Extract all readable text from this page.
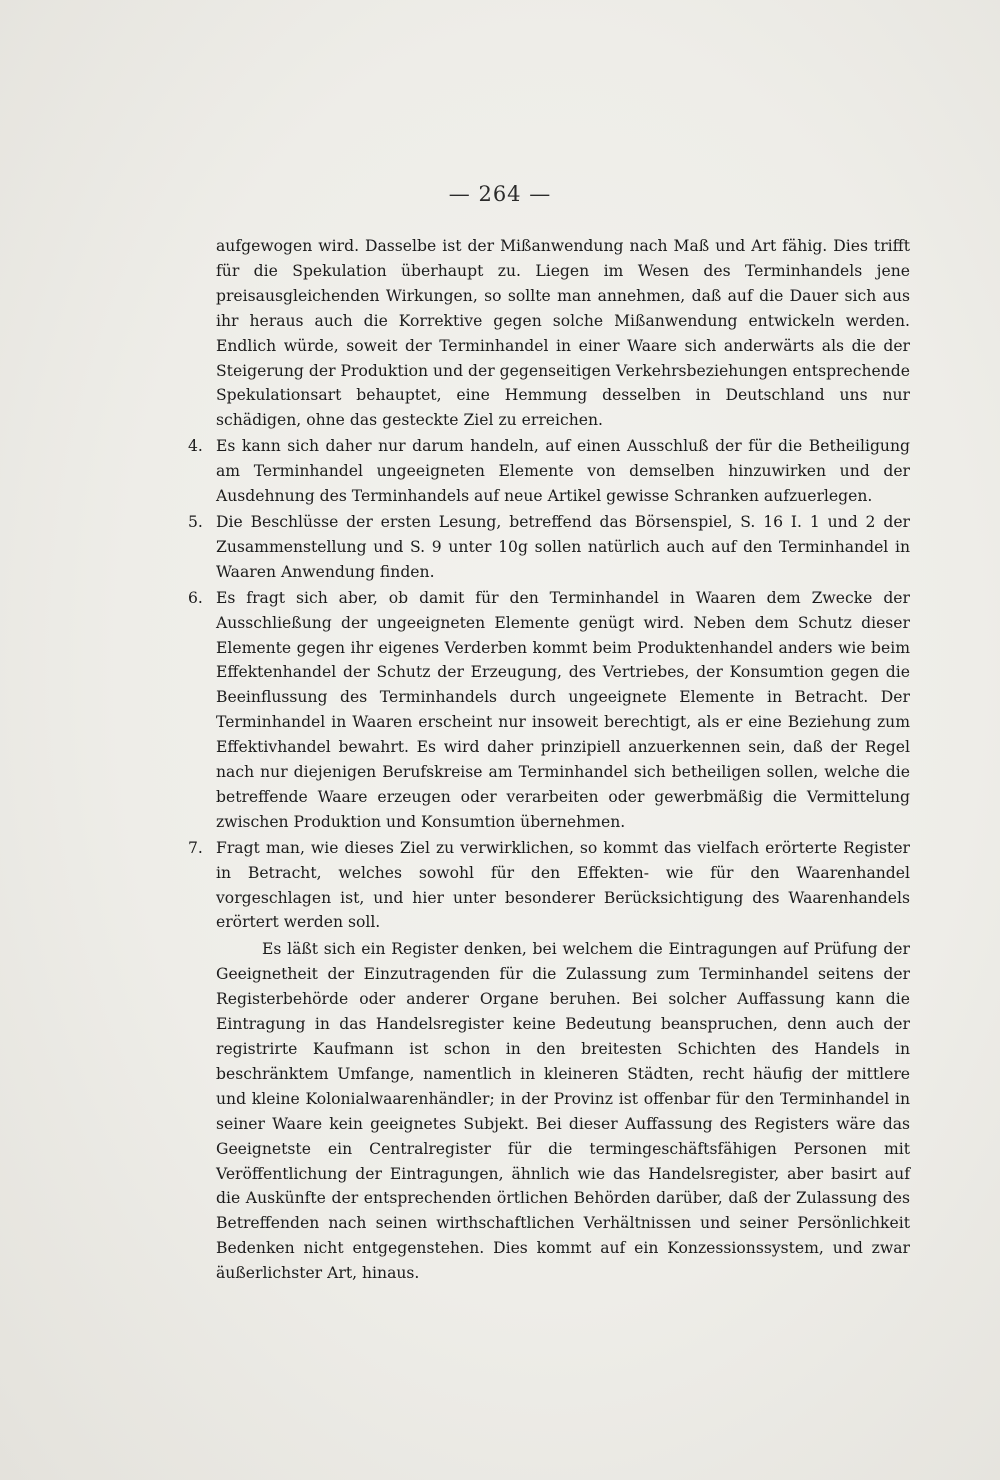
— 264 —

aufgewogen wird. Dasselbe ist der Mißanwendung nach Maß und Art fähig. Dies trifft für die Spekulation überhaupt zu. Liegen im Wesen des Terminhandels jene preisausgleichenden Wirkungen, so sollte man annehmen, daß auf die Dauer sich aus ihr heraus auch die Korrektive gegen solche Mißanwendung entwickeln werden. Endlich würde, soweit der Terminhandel in einer Waare sich anderwärts als die der Steigerung der Produktion und der gegenseitigen Verkehrsbeziehungen entsprechende Spekulationsart behauptet, eine Hemmung desselben in Deutschland uns nur schädigen, ohne das gesteckte Ziel zu erreichen.

4. Es kann sich daher nur darum handeln, auf einen Ausschluß der für die Betheiligung am Terminhandel ungeeigneten Elemente von demselben hinzuwirken und der Ausdehnung des Terminhandels auf neue Artikel gewisse Schranken aufzuerlegen.

5. Die Beschlüsse der ersten Lesung, betreffend das Börsenspiel, S. 16 I. 1 und 2 der Zusammenstellung und S. 9 unter 10g sollen natürlich auch auf den Terminhandel in Waaren Anwendung finden.

6. Es fragt sich aber, ob damit für den Terminhandel in Waaren dem Zwecke der Ausschließung der ungeeigneten Elemente genügt wird. Neben dem Schutz dieser Elemente gegen ihr eigenes Verderben kommt beim Produktenhandel anders wie beim Effektenhandel der Schutz der Erzeugung, des Vertriebes, der Konsumtion gegen die Beeinflussung des Terminhandels durch ungeeignete Elemente in Betracht. Der Terminhandel in Waaren erscheint nur insoweit berechtigt, als er eine Beziehung zum Effektivhandel bewahrt. Es wird daher prinzipiell anzuerkennen sein, daß der Regel nach nur diejenigen Berufskreise am Terminhandel sich betheiligen sollen, welche die betreffende Waare erzeugen oder verarbeiten oder gewerbmäßig die Vermittelung zwischen Produktion und Konsumtion übernehmen.

7. Fragt man, wie dieses Ziel zu verwirklichen, so kommt das vielfach erörterte Register in Betracht, welches sowohl für den Effekten- wie für den Waarenhandel vorgeschlagen ist, und hier unter besonderer Berücksichtigung des Waarenhandels erörtert werden soll.

Es läßt sich ein Register denken, bei welchem die Eintragungen auf Prüfung der Geeignetheit der Einzutragenden für die Zulassung zum Terminhandel seitens der Registerbehörde oder anderer Organe beruhen. Bei solcher Auffassung kann die Eintragung in das Handelsregister keine Bedeutung beanspruchen, denn auch der registrirte Kaufmann ist schon in den breitesten Schichten des Handels in beschränktem Umfange, namentlich in kleineren Städten, recht häufig der mittlere und kleine Kolonialwaarenhändler; in der Provinz ist offenbar für den Terminhandel in seiner Waare kein geeignetes Subjekt. Bei dieser Auffassung des Registers wäre das Geeignetste ein Centralregister für die termingeschäftsfähigen Personen mit Veröffentlichung der Eintragungen, ähnlich wie das Handelsregister, aber basirt auf die Auskünfte der entsprechenden örtlichen Behörden darüber, daß der Zulassung des Betreffenden nach seinen wirthschaftlichen Verhältnissen und seiner Persönlichkeit Bedenken nicht entgegenstehen. Dies kommt auf ein Konzessionssystem, und zwar äußerlichster Art, hinaus.
